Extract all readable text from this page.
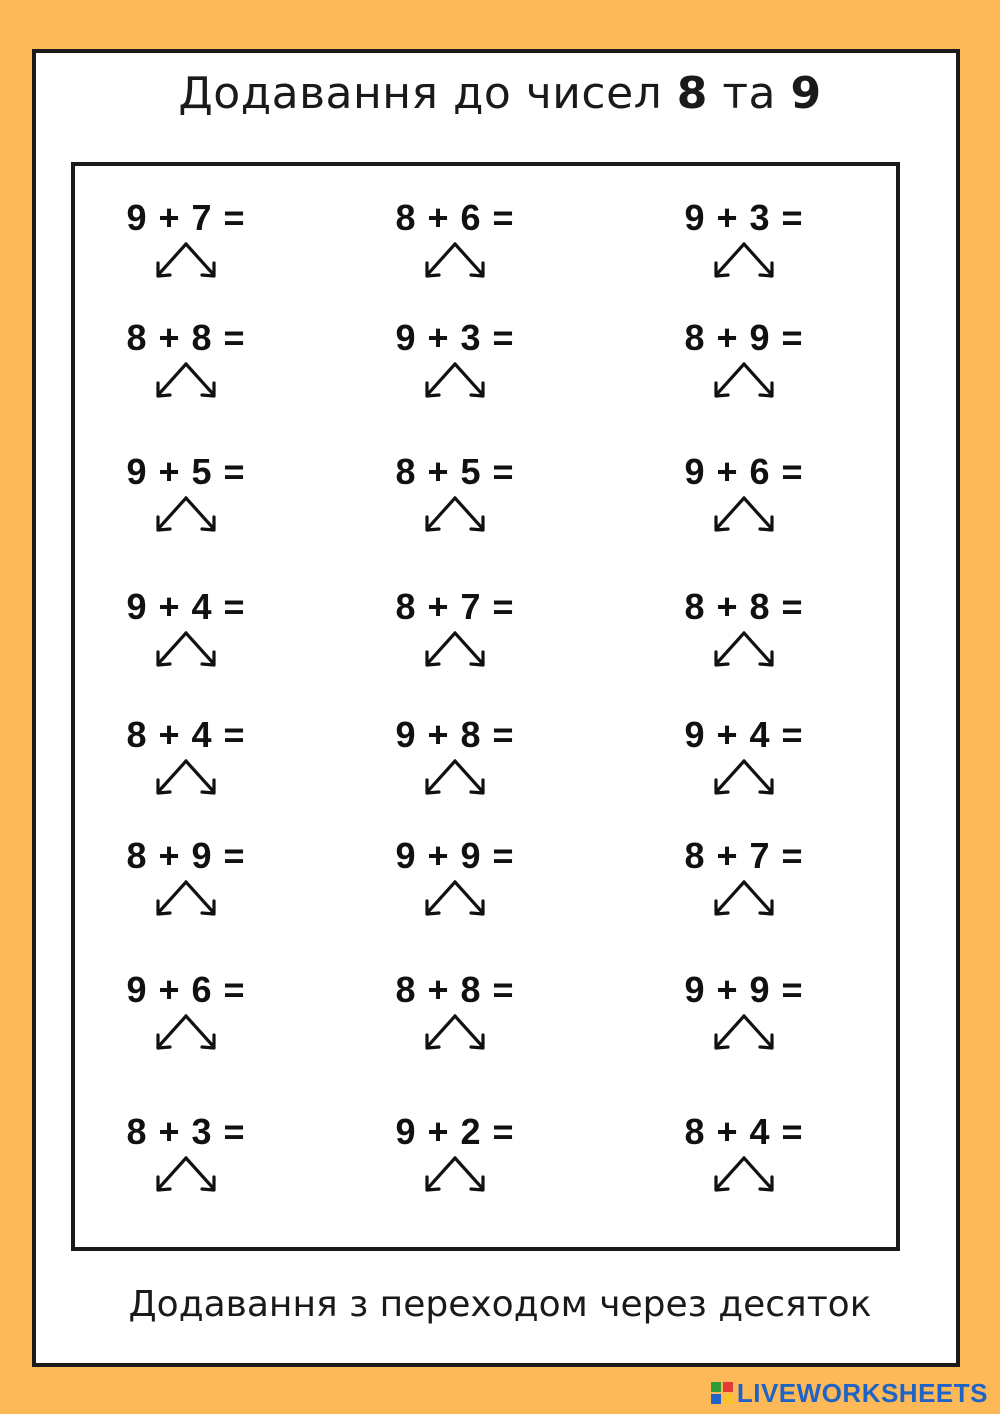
Додавання до чисел 8 та 9
9 + 7 =	8 + 6 =	9 + 3 =
8 + 8 =	9 + 3 =	8 + 9 =
9 + 5 =	8 + 5 =	9 + 6 =
9 + 4 =	8 + 7 =	8 + 8 =
8 + 4 =	9 + 8 =	9 + 4 =
8 + 9 =	9 + 9 =	8 + 7 =
9 + 6 =	8 + 8 =	9 + 9 =
8 + 3 =	9 + 2 =	8 + 4 =
Додавання з переходом через десяток
LIVEWORKSHEETS
